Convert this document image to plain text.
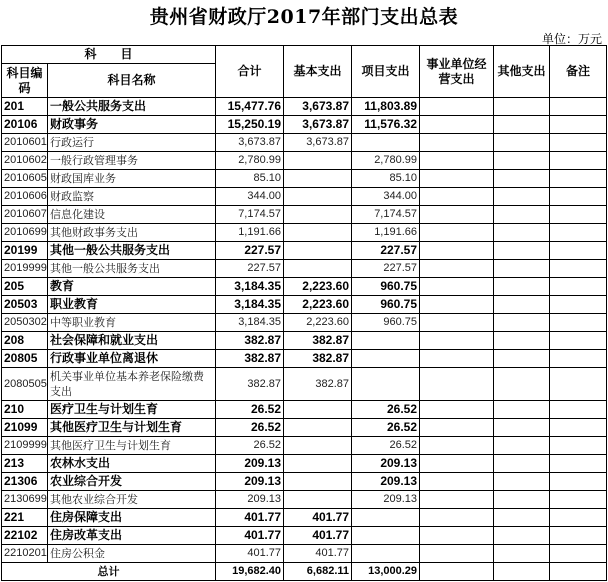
贵州省财政厅2017年部门支出总表
单位：万元
科　　目		合计	基本支出	项目支出	事业单位经营支出	其他支出	备注
科目编码	科目名称						
201	一般公共服务支出	15,477.76	3,673.87	11,803.89			
20106	财政事务	15,250.19	3,673.87	11,576.32			
2010601	行政运行	3,673.87	3,673.87				
2010602	一般行政管理事务	2,780.99		2,780.99			
2010605	财政国库业务	85.10		85.10			
2010606	财政监察	344.00		344.00			
2010607	信息化建设	7,174.57		7,174.57			
2010699	其他财政事务支出	1,191.66		1,191.66			
20199	其他一般公共服务支出	227.57		227.57			
2019999	其他一般公共服务支出	227.57		227.57			
205	教育	3,184.35	2,223.60	960.75			
20503	职业教育	3,184.35	2,223.60	960.75			
2050302	中等职业教育	3,184.35	2,223.60	960.75			
208	社会保障和就业支出	382.87	382.87				
20805	行政事业单位离退休	382.87	382.87				
2080505	机关事业单位基本养老保险缴费支出	382.87	382.87				
210	医疗卫生与计划生育	26.52		26.52			
21099	其他医疗卫生与计划生育	26.52		26.52			
2109999	其他医疗卫生与计划生育	26.52		26.52			
213	农林水支出	209.13		209.13			
21306	农业综合开发	209.13		209.13			
2130699	其他农业综合开发	209.13		209.13			
221	住房保障支出	401.77	401.77				
22102	住房改革支出	401.77	401.77				
2210201	住房公积金	401.77	401.77				
总计		19,682.40	6,682.11	13,000.29			
